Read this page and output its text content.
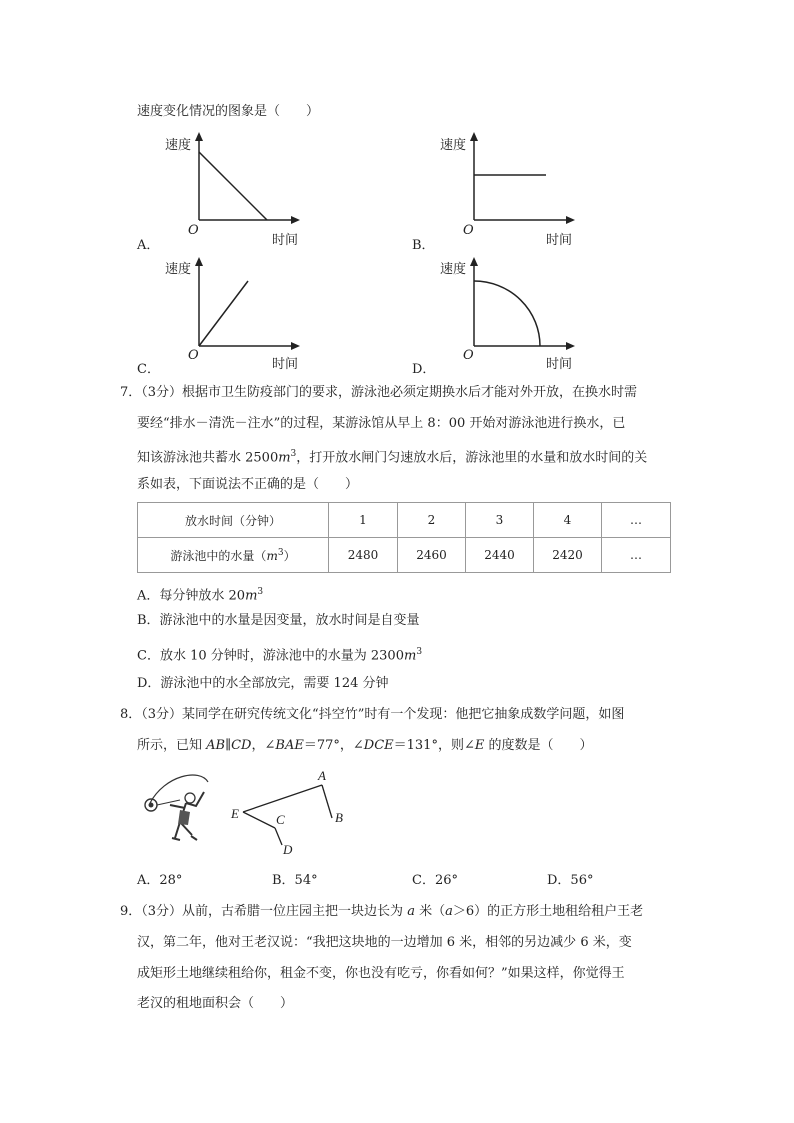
速度变化情况的图象是（　　）
速度
O
时间
A．
速度
O
时间
B．
速度
O
时间
C．
速度
O
时间
D．
7．（3分）根据市卫生防疫部门的要求，游泳池必须定期换水后才能对外开放，在换水时需
要经“排水－清洗－注水”的过程，某游泳馆从早上 8：00 开始对游泳池进行换水，已
知该游泳池共蓄水 $2500m^3$，打开放水闸门匀速放水后，游泳池里的水量和放水时间的关
系如表，下面说法不正确的是（　　）
放水时间（分钟）	1	2	3	4	…
游泳池中的水量$(m^3)$	2480	2460	2440	2420	…
A．每分钟放水 $20m^3$
B．游泳池中的水量是因变量，放水时间是自变量
C．放水 10 分钟时，游泳池中的水量为 $2300m^3$
D．游泳池中的水全部放完，需要 124 分钟
8．（3分）某同学在研究传统文化“抖空竹”时有一个发现：他把它抽象成数学问题，如图
所示，已知 AB∥CD，∠BAE＝77°，∠DCE＝131°，则∠E 的度数是（　　）
A
B
C
D
E
A．28°	B．54°	C．26°	D．56°
9．（3分）从前，古希腊一位庄园主把一块边长为 a 米（a＞6）的正方形土地租给租户王老
汉，第二年，他对王老汉说：“我把这块地的一边增加 6 米，相邻的另边减少 6 米，变
成矩形土地继续租给你，租金不变，你也没有吃亏，你看如何？”如果这样，你觉得王
老汉的租地面积会（　　）
